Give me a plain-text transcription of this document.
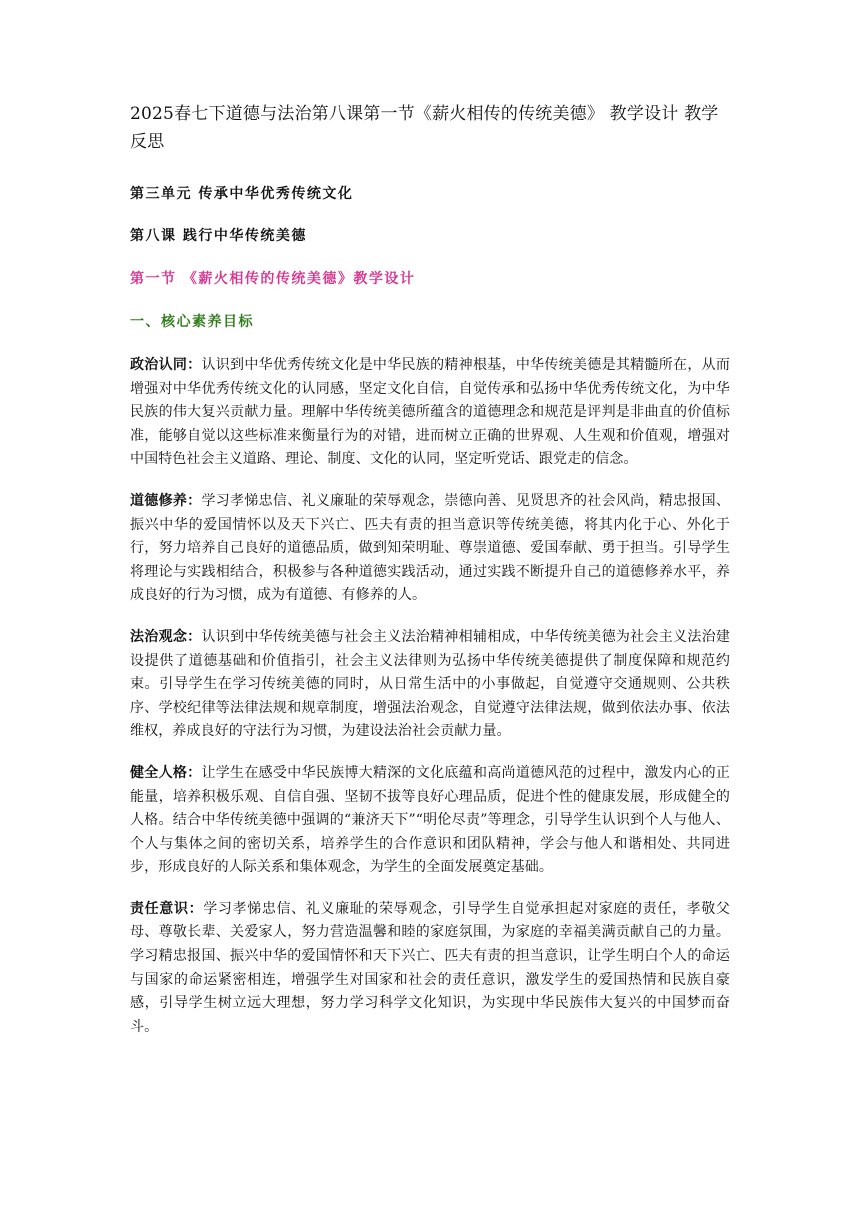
2025春七下道德与法治第八课第一节《薪火相传的传统美德》 教学设计 教学反思

第三单元 传承中华优秀传统文化

第八课 践行中华传统美德

第一节 《薪火相传的传统美德》教学设计

一、核心素养目标

政治认同：认识到中华优秀传统文化是中华民族的精神根基，中华传统美德是其精髓所在，从而增强对中华优秀传统文化的认同感，坚定文化自信，自觉传承和弘扬中华优秀传统文化，为中华民族的伟大复兴贡献力量。理解中华传统美德所蕴含的道德理念和规范是评判是非曲直的价值标准，能够自觉以这些标准来衡量行为的对错，进而树立正确的世界观、人生观和价值观，增强对中国特色社会主义道路、理论、制度、文化的认同，坚定听党话、跟党走的信念。

道德修养：学习孝悌忠信、礼义廉耻的荣辱观念，崇德向善、见贤思齐的社会风尚，精忠报国、振兴中华的爱国情怀以及天下兴亡、匹夫有责的担当意识等传统美德，将其内化于心、外化于行，努力培养自己良好的道德品质，做到知荣明耻、尊崇道德、爱国奉献、勇于担当。引导学生将理论与实践相结合，积极参与各种道德实践活动，通过实践不断提升自己的道德修养水平，养成良好的行为习惯，成为有道德、有修养的人。

法治观念：认识到中华传统美德与社会主义法治精神相辅相成，中华传统美德为社会主义法治建设提供了道德基础和价值指引，社会主义法律则为弘扬中华传统美德提供了制度保障和规范约束。引导学生在学习传统美德的同时，从日常生活中的小事做起，自觉遵守交通规则、公共秩序、学校纪律等法律法规和规章制度，增强法治观念，自觉遵守法律法规，做到依法办事、依法维权，养成良好的守法行为习惯，为建设法治社会贡献力量。

健全人格：让学生在感受中华民族博大精深的文化底蕴和高尚道德风范的过程中，激发内心的正能量，培养积极乐观、自信自强、坚韧不拔等良好心理品质，促进个性的健康发展，形成健全的人格。结合中华传统美德中强调的“兼济天下”“明伦尽责”等理念，引导学生认识到个人与他人、个人与集体之间的密切关系，培养学生的合作意识和团队精神，学会与他人和谐相处、共同进步，形成良好的人际关系和集体观念，为学生的全面发展奠定基础。

责任意识：学习孝悌忠信、礼义廉耻的荣辱观念，引导学生自觉承担起对家庭的责任，孝敬父母、尊敬长辈、关爱家人，努力营造温馨和睦的家庭氛围，为家庭的幸福美满贡献自己的力量。学习精忠报国、振兴中华的爱国情怀和天下兴亡、匹夫有责的担当意识，让学生明白个人的命运与国家的命运紧密相连，增强学生对国家和社会的责任意识，激发学生的爱国热情和民族自豪感，引导学生树立远大理想，努力学习科学文化知识，为实现中华民族伟大复兴的中国梦而奋斗。
